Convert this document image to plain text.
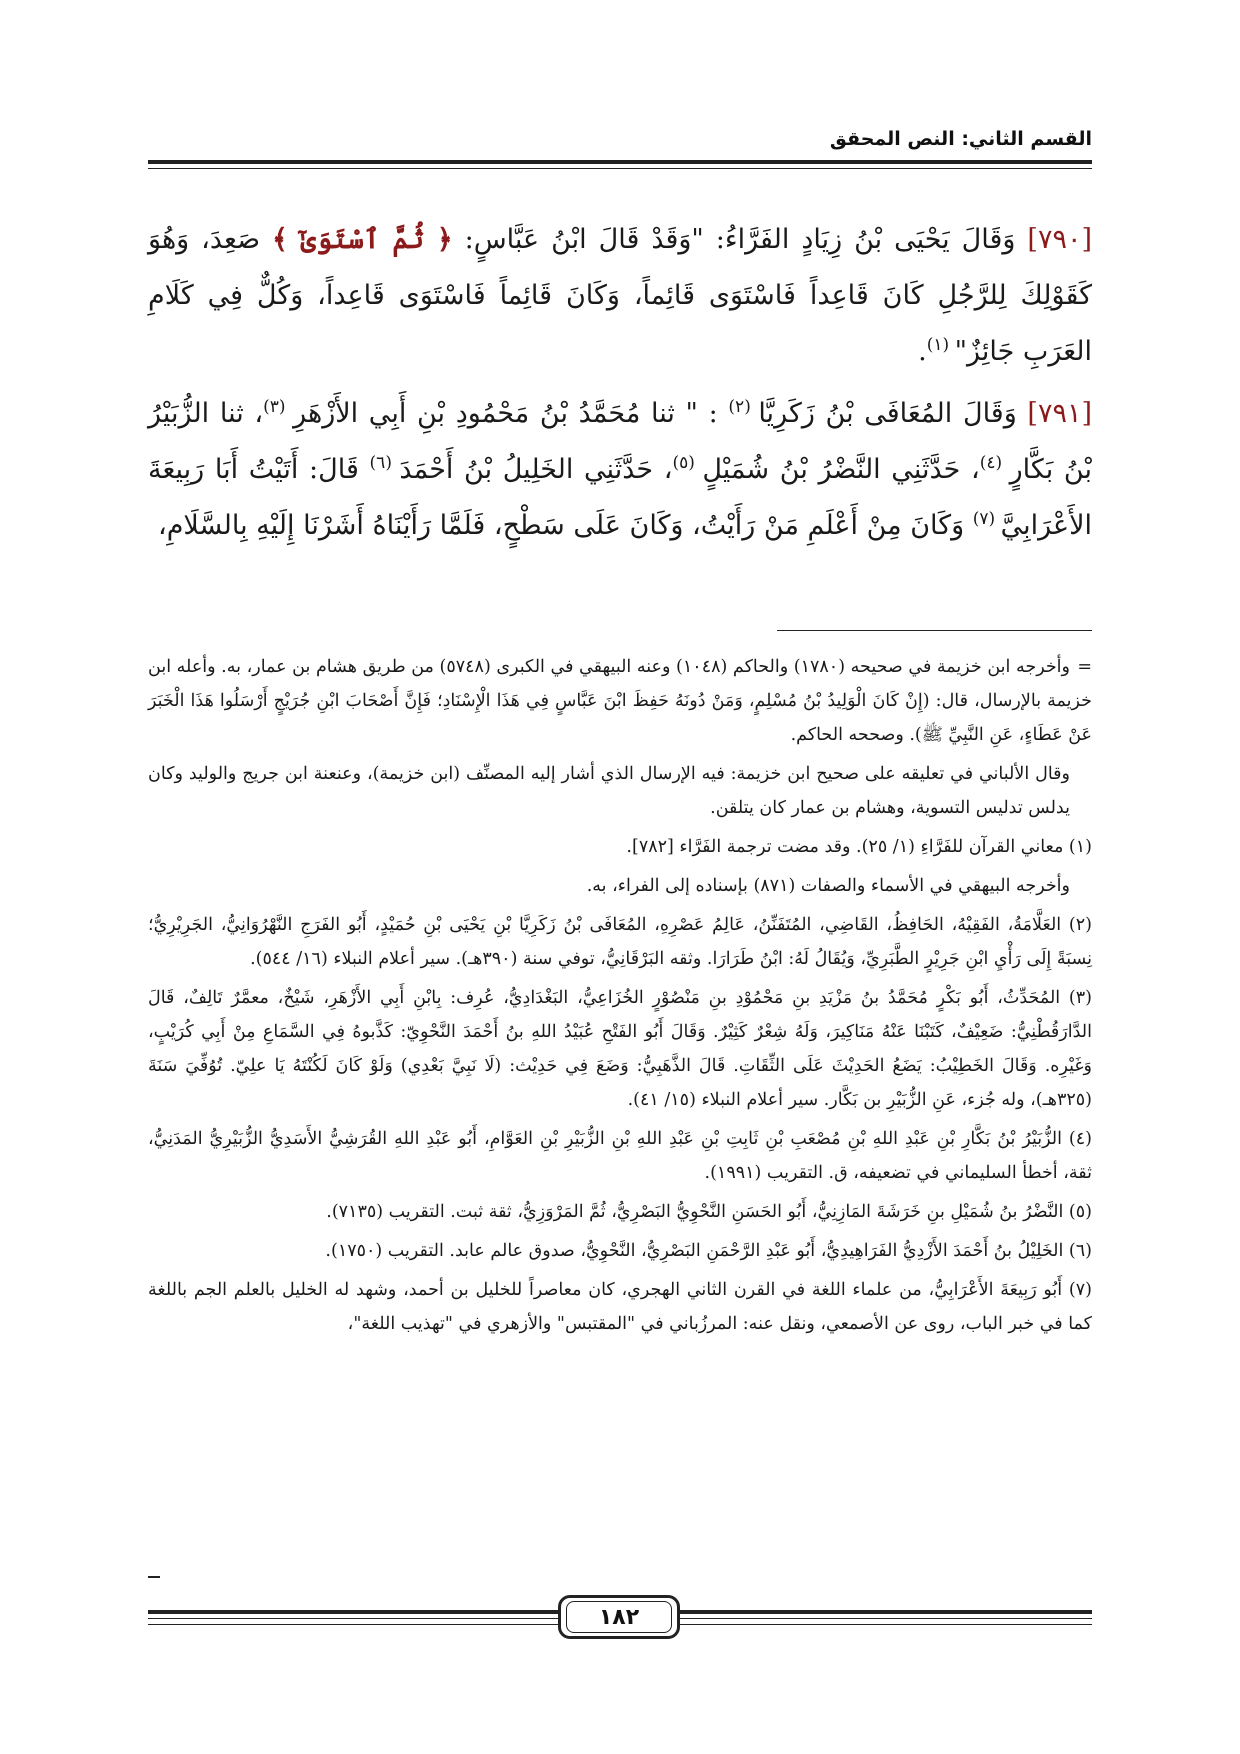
القسم الثاني: النص المحقق

[٧٩٠] وَقَالَ يَحْيَى بْنُ زِيَادٍ الفَرَّاءُ: "وَقَدْ قَالَ ابْنُ عَبَّاسٍ: ﴿ ثُمَّ ٱسْتَوَىٰٓ ﴾ صَعِدَ، وَهُوَ كَقَوْلِكَ لِلرَّجُلِ كَانَ قَاعِداً فَاسْتَوَى قَائِماً، وَكَانَ قَائِماً فَاسْتَوَى قَاعِداً، وَكُلٌّ فِي كَلَامِ العَرَبِ جَائِزٌ" $^{(١)}$.

[٧٩١] وَقَالَ المُعَافَى بْنُ زَكَرِيَّا $^{(٢)}$ : " ثنا مُحَمَّدُ بْنُ مَحْمُودِ بْنِ أَبِي الأَزْهَرِ $^{(٣)}$، ثنا الزُّبَيْرُ بْنُ بَكَّارٍ $^{(٤)}$، حَدَّثَنِي النَّضْرُ بْنُ شُمَيْلٍ $^{(٥)}$، حَدَّثَنِي الخَلِيلُ بْنُ أَحْمَدَ $^{(٦)}$ قَالَ: أَتَيْتُ أَبَا رَبِيعَةَ الأَعْرَابِيَّ $^{(٧)}$ وَكَانَ مِنْ أَعْلَمِ مَنْ رَأَيْتُ، وَكَانَ عَلَى سَطْحٍ، فَلَمَّا رَأَيْنَاهُ أَشَرْنَا إِلَيْهِ بِالسَّلَامِ،

=وأخرجه ابن خزيمة في صحيحه (١٧٨٠) والحاكم (١٠٤٨) وعنه البيهقي في الكبرى (٥٧٤٨) من طريق هشام بن عمار، به. وأعله ابن خزيمة بالإرسال، قال: (إِنْ كَانَ الْوَلِيدُ بْنُ مُسْلِمٍ، وَمَنْ دُونَهُ حَفِظَ ابْنَ عَبَّاسٍ فِي هَذَا الْإِسْنَادِ؛ فَإِنَّ أَصْحَابَ ابْنِ جُرَيْجٍ أَرْسَلُوا هَذَا الْخَبَرَ عَنْ عَطَاءٍ، عَنِ النَّبِيِّ ﷺ). وصححه الحاكم.

وقال الألباني في تعليقه على صحيح ابن خزيمة: فيه الإرسال الذي أشار إليه المصنِّف (ابن خزيمة)، وعنعنة ابن جريج والوليد وكان يدلس تدليس التسوية، وهشام بن عمار كان يتلقن.

(١) معاني القرآن للفَرَّاءِ (١/ ٢٥). وقد مضت ترجمة الفَرَّاء [٧٨٢].

وأخرجه البيهقي في الأسماء والصفات (٨٧١) بإسناده إلى الفراء، به.

(٢) العَلَّامَةُ، الفَقِيْهُ، الحَافِظُ، القَاضِي، المُتَفَنِّنُ، عَالِمُ عَصْرِهِ، المُعَافَى بْنُ زَكَرِيَّا بْنِ يَحْيَى بْنِ حُمَيْدٍ، أَبُو الفَرَجِ النَّهْرُوَانِيُّ، الجَرِيْرِيُّ؛ نِسبَةً إِلَى رَأْيِ ابْنِ جَرِيْرٍ الطَّبَرِيِّ، وَيُقَالُ لَهُ: ابْنُ طَرَارَا. وثقه البَرْقَانِيُّ، توفي سنة (٣٩٠هـ). سير أعلام النبلاء (١٦/ ٥٤٤).

(٣) المُحَدِّثُ، أَبُو بَكْرٍ مُحَمَّدُ بنُ مَزْيَدِ بنِ مَحْمُوْدِ بنِ مَنْصُوْرٍ الخُزَاعِيُّ، البَغْدَادِيُّ، عُرِف: بِابْنِ أَبِي الأَزْهَرِ، شَيْخٌ، معمَّرٌ تَالِفٌ، قَالَ الدَّارَقُطْنِيُّ: ضَعِيْفٌ، كَتَبْنَا عَنْهُ مَنَاكِيرَ، وَلَهُ شِعْرٌ كَثِيْرٌ. وَقَالَ أَبُو الفَتْحِ عُبَيْدُ اللهِ بنُ أَحْمَدَ النَّحْوِيّ: كَذَّبوهُ فِي السَّمَاعِ مِنْ أَبِي كُرَيْبٍ، وَغَيْرِه. وَقَالَ الخَطِيْبُ: يَضَعُ الحَدِيْثَ عَلَى الثِّقَاتِ. قَالَ الذَّهَبِيُّ: وَضَعَ فِي حَدِيْث: (لَا نَبِيَّ بَعْدِي) وَلَوْ كَانَ لَكُنْتَهُ يَا علِيّ. تُوُفِّيَ سَنَةَ (٣٢٥هـ)، وله جُزء، عَنِ الزُّبَيْرِ بن بَكَّار. سير أعلام النبلاء (١٥/ ٤١).

(٤) الزُّبَيْرُ بْنُ بَكَّارِ بْنِ عَبْدِ اللهِ بْنِ مُصْعَبِ بْنِ ثَابِتِ بْنِ عَبْدِ اللهِ بْنِ الزُّبَيْرِ بْنِ العَوَّامِ، أَبُو عَبْدِ اللهِ القُرَشِيُّ الأَسَدِيُّ الزُّبَيْرِيُّ المَدَنِيُّ، ثقة، أخطأ السليماني في تضعيفه، ق. التقريب (١٩٩١).

(٥) النَّضْرُ بنُ شُمَيْلِ بنِ خَرَشَةَ المَازِنِيُّ، أَبُو الحَسَنِ النَّحْوِيُّ البَصْرِيُّ، ثُمَّ المَرْوَزِيُّ، ثقة ثبت. التقريب (٧١٣٥).

(٦) الخَلِيْلُ بنُ أَحْمَدَ الأَزْدِيُّ الفَرَاهِيدِيُّ، أَبُو عَبْدِ الرَّحْمَنِ البَصْرِيُّ، النَّحْوِيُّ، صدوق عالم عابد. التقريب (١٧٥٠).

(٧) أَبُو رَبِيعَةَ الأَعْرَابِيُّ، من علماء اللغة في القرن الثاني الهجري، كان معاصراً للخليل بن أحمد، وشهد له الخليل بالعلم الجم باللغة كما في خبر الباب، روى عن الأصمعي، ونقل عنه: المرزُباني في "المقتبس" والأزهري في "تهذيب اللغة"،

١٨٢
